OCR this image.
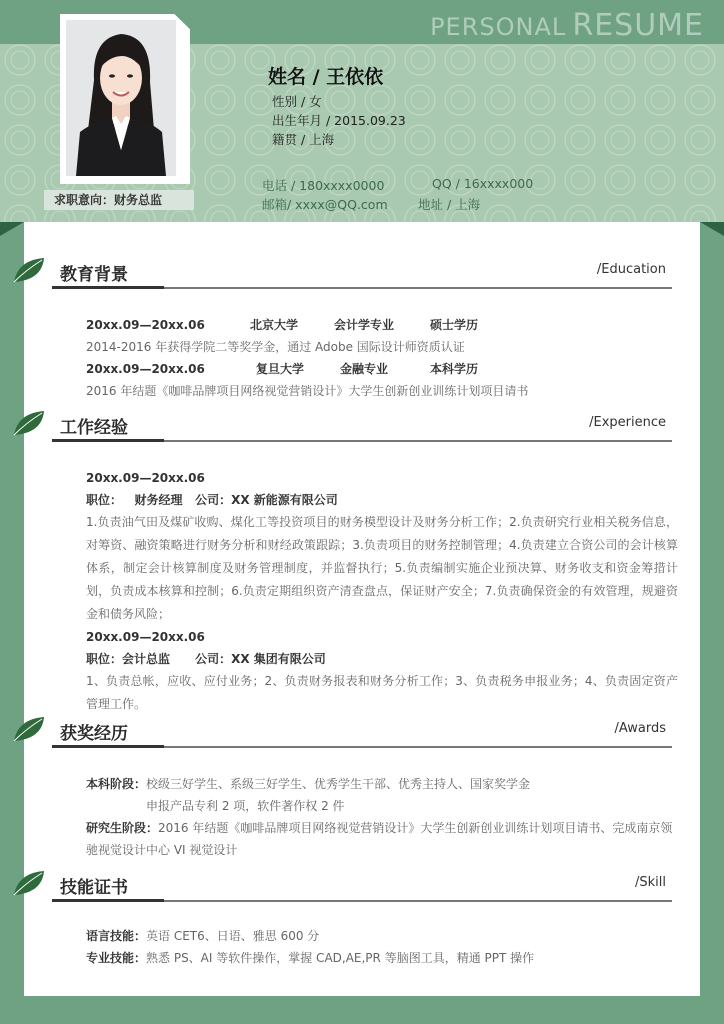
PERSONAL RESUME
求职意向：财务总监
姓名 / 王依依
性别 / 女
出生年月 / 2015.09.23
籍贯 / 上海
电话 / 180xxxx0000	QQ / 16xxxx000
邮箱/ xxxx@QQ.com 地址 / 上海
教育背景	/Education
20xx.09—20xx.06	北京大学	会计学专业	硕士学历
2014-2016 年获得学院二等奖学金，通过 Adobe 国际设计师资质认证
20xx.09—20xx.06	复旦大学	金融专业	本科学历
2016 年结题《咖啡品牌项目网络视觉营销设计》大学生创新创业训练计划项目请书
工作经验	/Experience
20xx.09—20xx.06
职位：   财务经理   公司：XX 新能源有限公司
1.负责油气田及煤矿收购、煤化工等投资项目的财务模型设计及财务分析工作；2.负责研究行业相关税务信息，对筹资、融资策略进行财务分析和财经政策跟踪；3.负责项目的财务控制管理；4.负责建立合资公司的会计核算体系，制定会计核算制度及财务管理制度，并监督执行；5.负责编制实施企业预决算、财务收支和资金筹措计划，负责成本核算和控制；6.负责定期组织资产清查盘点，保证财产安全；7.负责确保资金的有效管理，规避资金和债务风险；
20xx.09—20xx.06
职位：会计总监      公司：XX 集团有限公司
1、负责总帐，应收、应付业务；2、负责财务报表和财务分析工作；3、负责税务申报业务；4、负责固定资产管理工作。
获奖经历	/Awards
本科阶段：校级三好学生、系级三好学生、优秀学生干部、优秀主持人、国家奖学金
申报产品专利 2 项，软件著作权 2 件
研究生阶段：2016 年结题《咖啡品牌项目网络视觉营销设计》大学生创新创业训练计划项目请书、完成南京领驰视觉设计中心 VI 视觉设计
技能证书	/Skill
语言技能：英语 CET6、日语、雅思 600 分
专业技能：熟悉 PS、AI 等软件操作，掌握 CAD,AE,PR 等脑图工具，精通 PPT 操作
